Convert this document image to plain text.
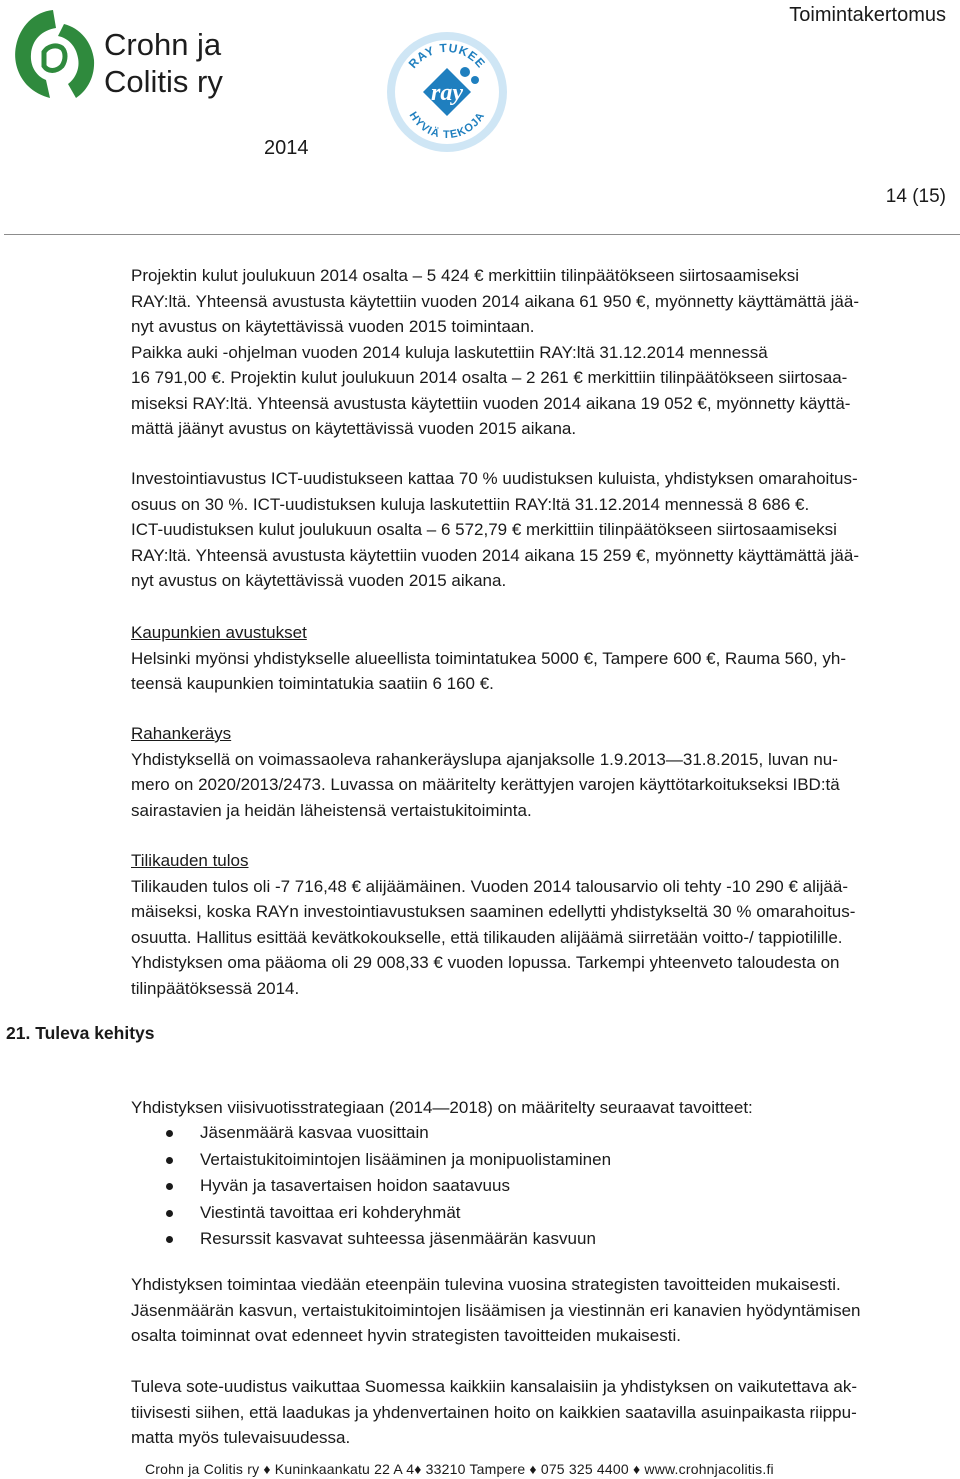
Crohn ja
Colitis ry
RAY TUKEE
ray
HYVIÄ TEKOJA
Toimintakertomus
2014
14 (15)
Projektin kulut joulukuun 2014 osalta – 5 424 € merkittiin tilinpäätökseen siirtosaamiseksi
RAY:ltä. Yhteensä avustusta käytettiin vuoden 2014 aikana 61 950 €, myönnetty käyttämättä jää-
nyt avustus on käytettävissä vuoden 2015 toimintaan.
Paikka auki -ohjelman vuoden 2014 kuluja laskutettiin RAY:ltä 31.12.2014 mennessä
16 791,00 €. Projektin kulut joulukuun 2014 osalta – 2 261 € merkittiin tilinpäätökseen siirtosaa-
miseksi RAY:ltä. Yhteensä avustusta käytettiin vuoden 2014 aikana 19 052 €, myönnetty käyttä-
mättä jäänyt avustus on käytettävissä vuoden 2015 aikana.
Investointiavustus ICT-uudistukseen kattaa 70 % uudistuksen kuluista, yhdistyksen omarahoitus-
osuus on 30 %. ICT-uudistuksen kuluja laskutettiin RAY:ltä 31.12.2014 mennessä 8 686 €.
ICT-uudistuksen kulut joulukuun osalta – 6 572,79 € merkittiin tilinpäätökseen siirtosaamiseksi
RAY:ltä. Yhteensä avustusta käytettiin vuoden 2014 aikana 15 259 €, myönnetty käyttämättä jää-
nyt avustus on käytettävissä vuoden 2015 aikana.
Kaupunkien avustukset
Helsinki myönsi yhdistykselle alueellista toimintatukea 5000 €, Tampere 600 €, Rauma 560, yh-
teensä kaupunkien toimintatukia saatiin 6 160 €.
Rahankeräys
Yhdistyksellä on voimassaoleva rahankeräyslupa ajanjaksolle 1.9.2013—31.8.2015, luvan nu-
mero on 2020/2013/2473. Luvassa on määritelty kerättyjen varojen käyttötarkoitukseksi IBD:tä
sairastavien ja heidän läheistensä vertaistukitoiminta.
Tilikauden tulos
Tilikauden tulos oli -7 716,48 € alijäämäinen. Vuoden 2014 talousarvio oli tehty -10 290 € alijää-
mäiseksi, koska RAYn investointiavustuksen saaminen edellytti yhdistykseltä 30 % omarahoitus-
osuutta. Hallitus esittää kevätkokoukselle, että tilikauden alijäämä siirretään voitto-/ tappiotilille.
Yhdistyksen oma pääoma oli 29 008,33 € vuoden lopussa. Tarkempi yhteenveto taloudesta on
tilinpäätöksessä 2014.
21. Tuleva kehitys
Yhdistyksen viisivuotisstrategiaan (2014—2018) on määritelty seuraavat tavoitteet:
Jäsenmäärä kasvaa vuosittain
Vertaistukitoimintojen lisääminen ja monipuolistaminen
Hyvän ja tasavertaisen hoidon saatavuus
Viestintä tavoittaa eri kohderyhmät
Resurssit kasvavat suhteessa jäsenmäärän kasvuun
Yhdistyksen toimintaa viedään eteenpäin tulevina vuosina strategisten tavoitteiden mukaisesti.
Jäsenmäärän kasvun, vertaistukitoimintojen lisäämisen ja viestinnän eri kanavien hyödyntämisen
osalta toiminnat ovat edenneet hyvin strategisten tavoitteiden mukaisesti.
Tuleva sote-uudistus vaikuttaa Suomessa kaikkiin kansalaisiin ja yhdistyksen on vaikutettava ak-
tiivisesti siihen, että laadukas ja yhdenvertainen hoito on kaikkien saatavilla asuinpaikasta riippu-
matta myös tulevaisuudessa.
Crohn ja Colitis ry ♦ Kuninkaankatu 22 A 4♦ 33210 Tampere ♦ 075 325 4400 ♦ www.crohnjacolitis.fi
